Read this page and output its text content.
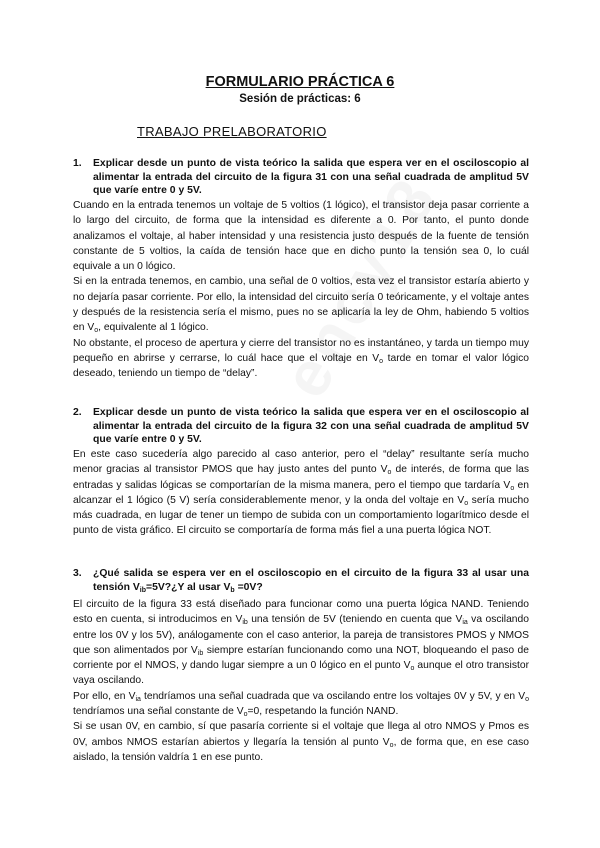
FORMULARIO PRÁCTICA 6
Sesión de prácticas: 6
TRABAJO PRELABORATORIO
1. Explicar desde un punto de vista teórico la salida que espera ver en el osciloscopio al alimentar la entrada del circuito de la figura 31 con una señal cuadrada de amplitud 5V que varíe entre 0 y 5V.

Cuando en la entrada tenemos un voltaje de 5 voltios (1 lógico), el transistor deja pasar corriente a lo largo del circuito, de forma que la intensidad es diferente a 0. Por tanto, el punto donde analizamos el voltaje, al haber intensidad y una resistencia justo después de la fuente de tensión constante de 5 voltios, la caída de tensión hace que en dicho punto la tensión sea 0, lo cuál equivale a un 0 lógico.

Si en la entrada tenemos, en cambio, una señal de 0 voltios, esta vez el transistor estaría abierto y no dejaría pasar corriente. Por ello, la intensidad del circuito sería 0 teóricamente, y el voltaje antes y después de la resistencia sería el mismo, pues no se aplicaría la ley de Ohm, habiendo 5 voltios en $V_o$, equivalente al 1 lógico.

No obstante, el proceso de apertura y cierre del transistor no es instantáneo, y tarda un tiempo muy pequeño en abrirse y cerrarse, lo cuál hace que el voltaje en $V_o$ tarde en tomar el valor lógico deseado, teniendo un tiempo de “delay”.

2. Explicar desde un punto de vista teórico la salida que espera ver en el osciloscopio al alimentar la entrada del circuito de la figura 32 con una señal cuadrada de amplitud 5V que varíe entre 0 y 5V.

En este caso sucedería algo parecido al caso anterior, pero el “delay” resultante sería mucho menor gracias al transistor PMOS que hay justo antes del punto $V_o$ de interés, de forma que las entradas y salidas lógicas se comportarían de la misma manera, pero el tiempo que tardaría $V_o$ en alcanzar el 1 lógico (5 V) sería considerablemente menor, y la onda del voltaje en $V_o$ sería mucho más cuadrada, en lugar de tener un tiempo de subida con un comportamiento logarítmico desde el punto de vista gráfico. El circuito se comportaría de forma más fiel a una puerta lógica NOT.

3. ¿Qué salida se espera ver en el osciloscopio en el circuito de la figura 33 al usar una tensión $V_{ib}=5V?¿Y$ al usar $V_b =0V$?

El circuito de la figura 33 está diseñado para funcionar como una puerta lógica NAND. Teniendo esto en cuenta, si introducimos en $V_{ib}$ una tensión de 5V (teniendo en cuenta que $V_{ia}$ va oscilando entre los 0V y los 5V), análogamente con el caso anterior, la pareja de transistores PMOS y NMOS que son alimentados por $V_{ib}$ siempre estarían funcionando como una NOT, bloqueando el paso de corriente por el NMOS, y dando lugar siempre a un 0 lógico en el punto $V_o$ aunque el otro transistor vaya oscilando.

Por ello, en $V_{ia}$ tendríamos una señal cuadrada que va oscilando entre los voltajes 0V y 5V, y en $V_o$ tendríamos una señal constante de $V_o=0$, respetando la función NAND.

Si se usan 0V, en cambio, sí que pasaría corriente si el voltaje que llega al otro NMOS y Pmos es 0V, ambos NMOS estarían abiertos y llegaría la tensión al punto $V_o$, de forma que, en ese caso aislado, la tensión valdría 1 en ese punto.
